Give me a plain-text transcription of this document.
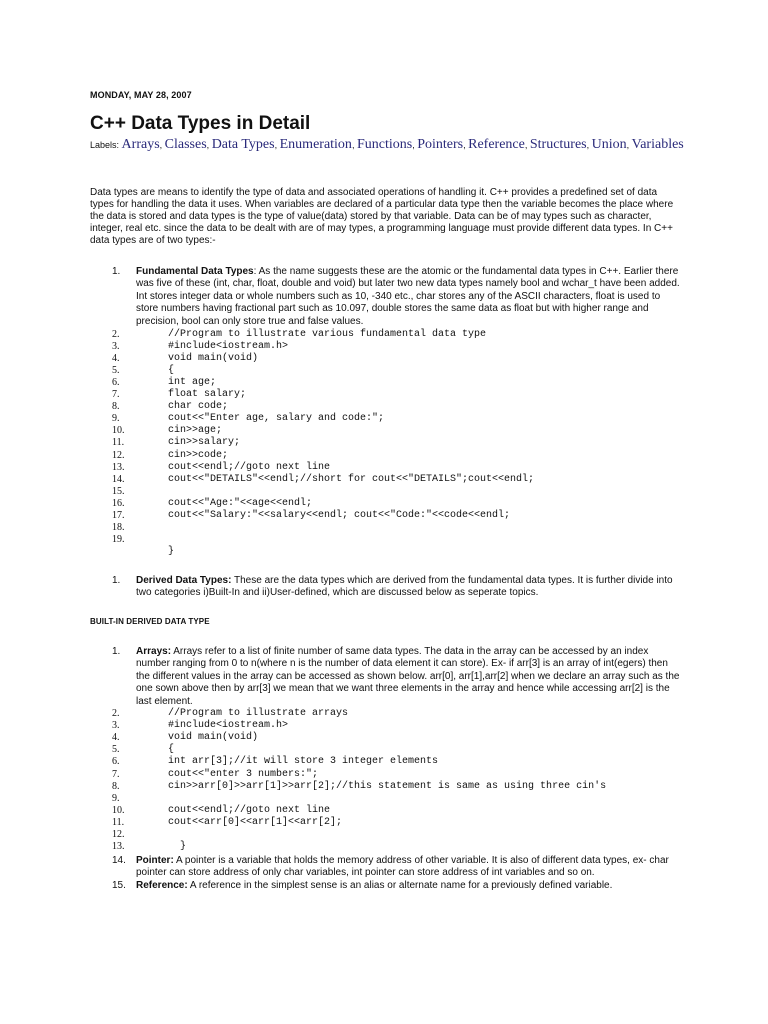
MONDAY, MAY 28, 2007
C++ Data Types in Detail
Labels: Arrays, Classes, Data Types, Enumeration, Functions, Pointers, Reference, Structures, Union, Variables

Data types are means to identify the type of data and associated operations of handling it. C++ provides a predefined set of data types for handling the data it uses. When variables are declared of a particular data type then the variable becomes the place where the data is stored and data types is the type of value(data) stored by that variable. Data can be of may types such as character, integer, real etc. since the data to be dealt with are of may types, a programming language must provide different data types. In C++ data types are of two types:-

1.	Fundamental Data Types: As the name suggests these are the atomic or the fundamental data types in C++. Earlier there was five of these (int, char, float, double and void) but later two new data types namely bool and wchar_t have been added. Int stores integer data or whole numbers such as 10, -340 etc., char stores any of the ASCII characters, float is used to store numbers having fractional part such as 10.097, double stores the same data as float but with higher range and precision, bool can only store true and false values.
2.	//Program to illustrate various fundamental data type
3.	#include<iostream.h>
4.	void main(void)
5.	{
6.	int age;
7.	float salary;
8.	char code;
9.	cout<<"Enter age, salary and code:";
10.	cin>>age;
11.	cin>>salary;
12.	cin>>code;
13.	cout<<endl;//goto next line
14.	cout<<"DETAILS"<<endl;//short for cout<<"DETAILS";cout<<endl;
15.
16.	cout<<"Age:"<<age<<endl;
17.	cout<<"Salary:"<<salary<<endl; cout<<"Code:"<<code<<endl;
18.
19.
}
1.	Derived Data Types: These are the data types which are derived from the fundamental data types. It is further divide into two categories i)Built-In and ii)User-defined, which are discussed below as seperate topics.
BUILT-IN DERIVED DATA TYPE
1.	Arrays: Arrays refer to a list of finite number of same data types. The data in the array can be accessed by an index number ranging from 0 to n(where n is the number of data element it can store). Ex- if arr[3] is an array of int(egers) then the different values in the array can be accessed as shown below. arr[0], arr[1],arr[2] when we declare an array such as the one sown above then by arr[3] we mean that we want three elements in the array and hence while accessing arr[2] is the last element.
2.	//Program to illustrate arrays
3.	#include<iostream.h>
4.	void main(void)
5.	{
6.	int arr[3];//it will store 3 integer elements
7.	cout<<"enter 3 numbers:";
8.	cin>>arr[0]>>arr[1]>>arr[2];//this statement is same as using three cin's
9.
10.	cout<<endl;//goto next line
11.	cout<<arr[0]<<arr[1]<<arr[2];
12.
13.	}
14.	Pointer: A pointer is a variable that holds the memory address of other variable. It is also of different data types, ex- char pointer can store address of only char variables, int pointer can store address of int variables and so on.
15.	Reference: A reference in the simplest sense is an alias or alternate name for a previously defined variable.
